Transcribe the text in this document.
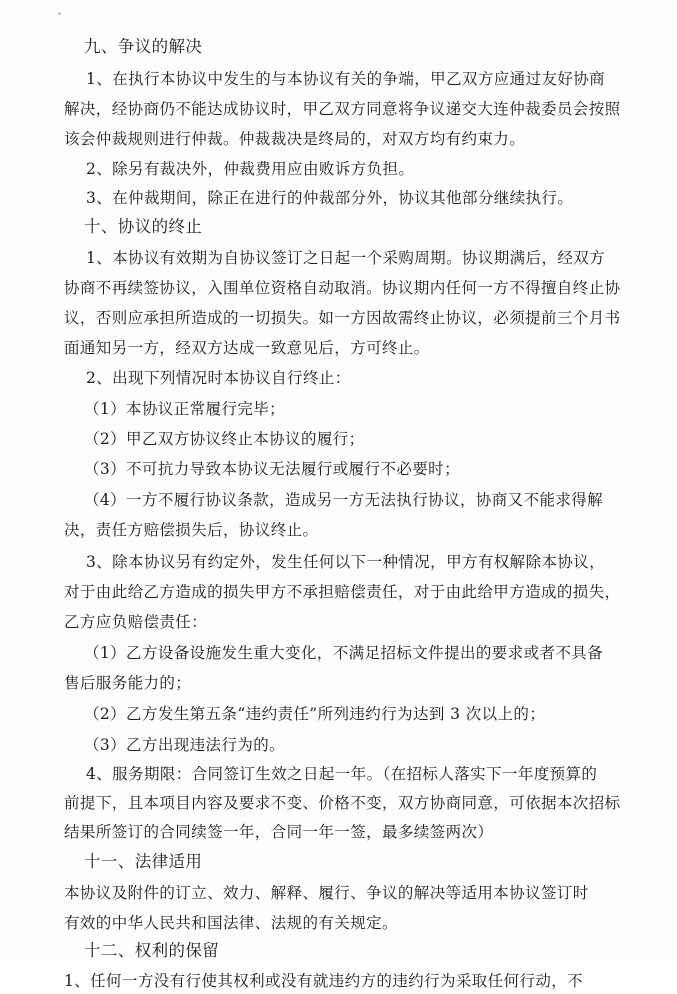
九、争议的解决
1、在执行本协议中发生的与本协议有关的争端，甲乙双方应通过友好协商
解决，经协商仍不能达成协议时，甲乙双方同意将争议递交大连仲裁委员会按照
该会仲裁规则进行仲裁。仲裁裁决是终局的，对双方均有约束力。
2、除另有裁决外，仲裁费用应由败诉方负担。
3、在仲裁期间，除正在进行的仲裁部分外，协议其他部分继续执行。
十、协议的终止
1、本协议有效期为自协议签订之日起一个采购周期。协议期满后，经双方
协商不再续签协议，入围单位资格自动取消。协议期内任何一方不得擅自终止协
议，否则应承担所造成的一切损失。如一方因故需终止协议，必须提前三个月书
面通知另一方，经双方达成一致意见后，方可终止。
2、出现下列情况时本协议自行终止：
（1）本协议正常履行完毕；
（2）甲乙双方协议终止本协议的履行；
（3）不可抗力导致本协议无法履行或履行不必要时；
（4）一方不履行协议条款，造成另一方无法执行协议，协商又不能求得解
决，责任方赔偿损失后，协议终止。
3、除本协议另有约定外，发生任何以下一种情况，甲方有权解除本协议，
对于由此给乙方造成的损失甲方不承担赔偿责任，对于由此给甲方造成的损失，
乙方应负赔偿责任：
（1）乙方设备设施发生重大变化，不满足招标文件提出的要求或者不具备
售后服务能力的；
（2）乙方发生第五条“违约责任”所列违约行为达到 3 次以上的；
（3）乙方出现违法行为的。
4、服务期限：合同签订生效之日起一年。（在招标人落实下一年度预算的
前提下，且本项目内容及要求不变、价格不变，双方协商同意，可依据本次招标
结果所签订的合同续签一年，合同一年一签，最多续签两次）
十一、法律适用
本协议及附件的订立、效力、解释、履行、争议的解决等适用本协议签订时
有效的中华人民共和国法律、法规的有关规定。
十二、权利的保留
1、任何一方没有行使其权利或没有就违约方的违约行为采取任何行动，不
